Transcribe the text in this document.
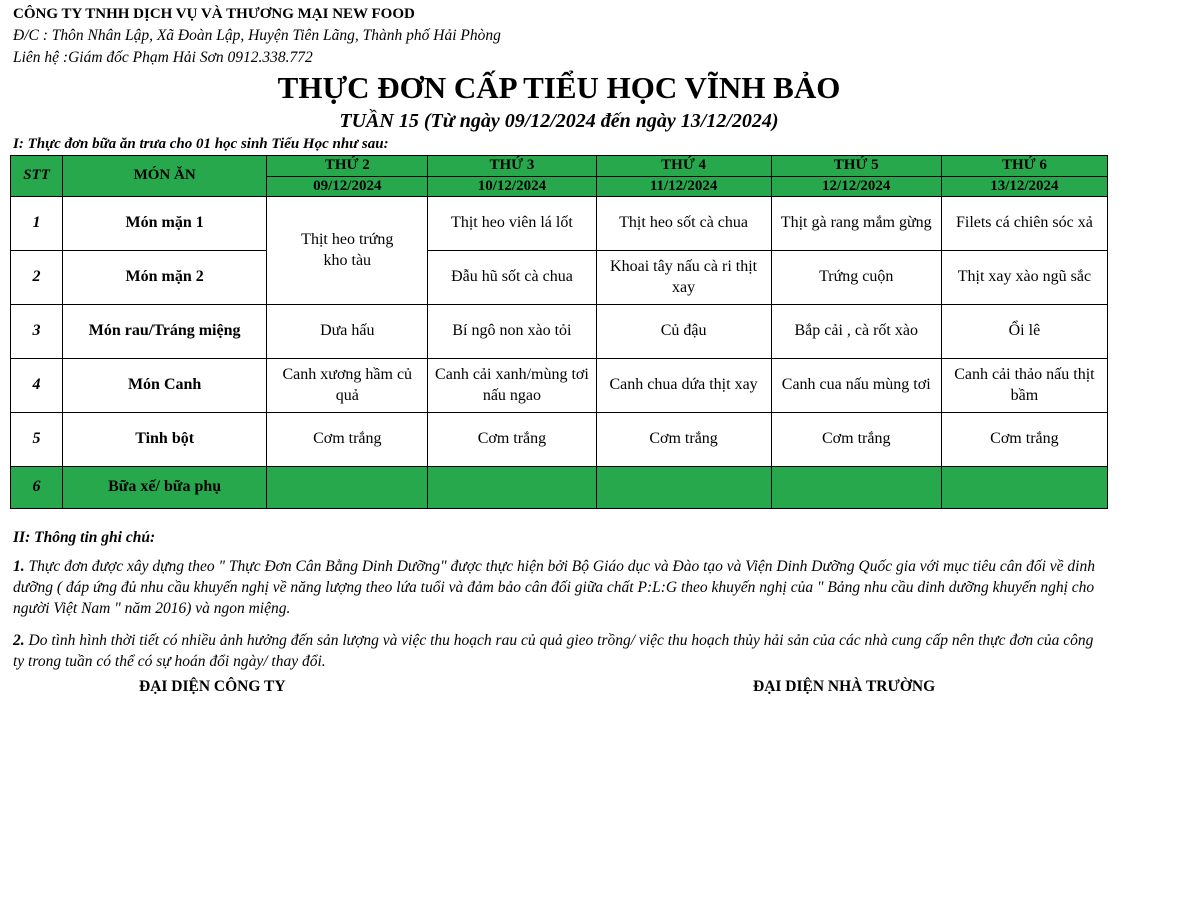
CÔNG TY TNHH DỊCH VỤ VÀ THƯƠNG MẠI NEW FOOD
Đ/C : Thôn Nhân Lập, Xã Đoàn Lập, Huyện Tiên Lãng, Thành phố Hải Phòng
Liên hệ :Giám đốc Phạm Hải Sơn 0912.338.772
THỰC ĐƠN CẤP TIỂU HỌC VĨNH BẢO
TUẦN 15 (Từ ngày 09/12/2024 đến ngày 13/12/2024)
I: Thực đơn bữa ăn trưa cho 01 học sinh Tiểu Học như sau:
STT	MÓN ĂN	THỨ 2	THỨ 3	THỨ 4	THỨ 5	THỨ 6
		09/12/2024	10/12/2024	11/12/2024	12/12/2024	13/12/2024
1	Món mặn 1	Thịt heo trứng kho tàu	Thịt heo viên lá lốt	Thịt heo sốt cà chua	Thịt gà rang mắm gừng	Filets cá chiên sóc xả
2	Món mặn 2		Đẫu hũ sốt cà chua	Khoai tây nấu cà ri thịt xay	Trứng cuộn	Thịt xay xào ngũ sắc
3	Món rau/Tráng miệng	Dưa hấu	Bí ngô non xào tỏi	Củ đậu	Bắp cải , cà rốt xào	Ổi lê
4	Món Canh	Canh xương hầm củ quả	Canh cải xanh/mùng tơi nấu ngao	Canh chua dứa thịt xay	Canh cua nấu mùng tơi	Canh cải thảo nấu thịt bầm
5	Tinh bột	Cơm trắng	Cơm trắng	Cơm trắng	Cơm trắng	Cơm trắng
6	Bữa xế/ bữa phụ					
II: Thông tin ghi chú:
1. Thực đơn được xây dựng theo " Thực Đơn Cân Bằng Dinh Dưỡng" được thực hiện bởi Bộ Giáo dục và Đào tạo và Viện Dinh Dưỡng Quốc gia với mục tiêu cân đối về dinh dưỡng ( đáp ứng đủ nhu cầu khuyến nghị về năng lượng theo lứa tuổi và đảm bảo cân đối giữa chất P:L:G theo khuyến nghị của " Bảng nhu cầu dinh dưỡng khuyến nghị cho người Việt Nam " năm 2016) và ngon miệng.
2. Do tình hình thời tiết có nhiều ảnh hưởng đến sản lượng và việc thu hoạch rau củ quả gieo trồng/ việc thu hoạch thủy hải sản của các nhà cung cấp nên thực đơn của công ty trong tuần có thể có sự hoán đổi ngày/ thay đổi.
ĐẠI DIỆN CÔNG TY	ĐẠI DIỆN NHÀ TRƯỜNG
